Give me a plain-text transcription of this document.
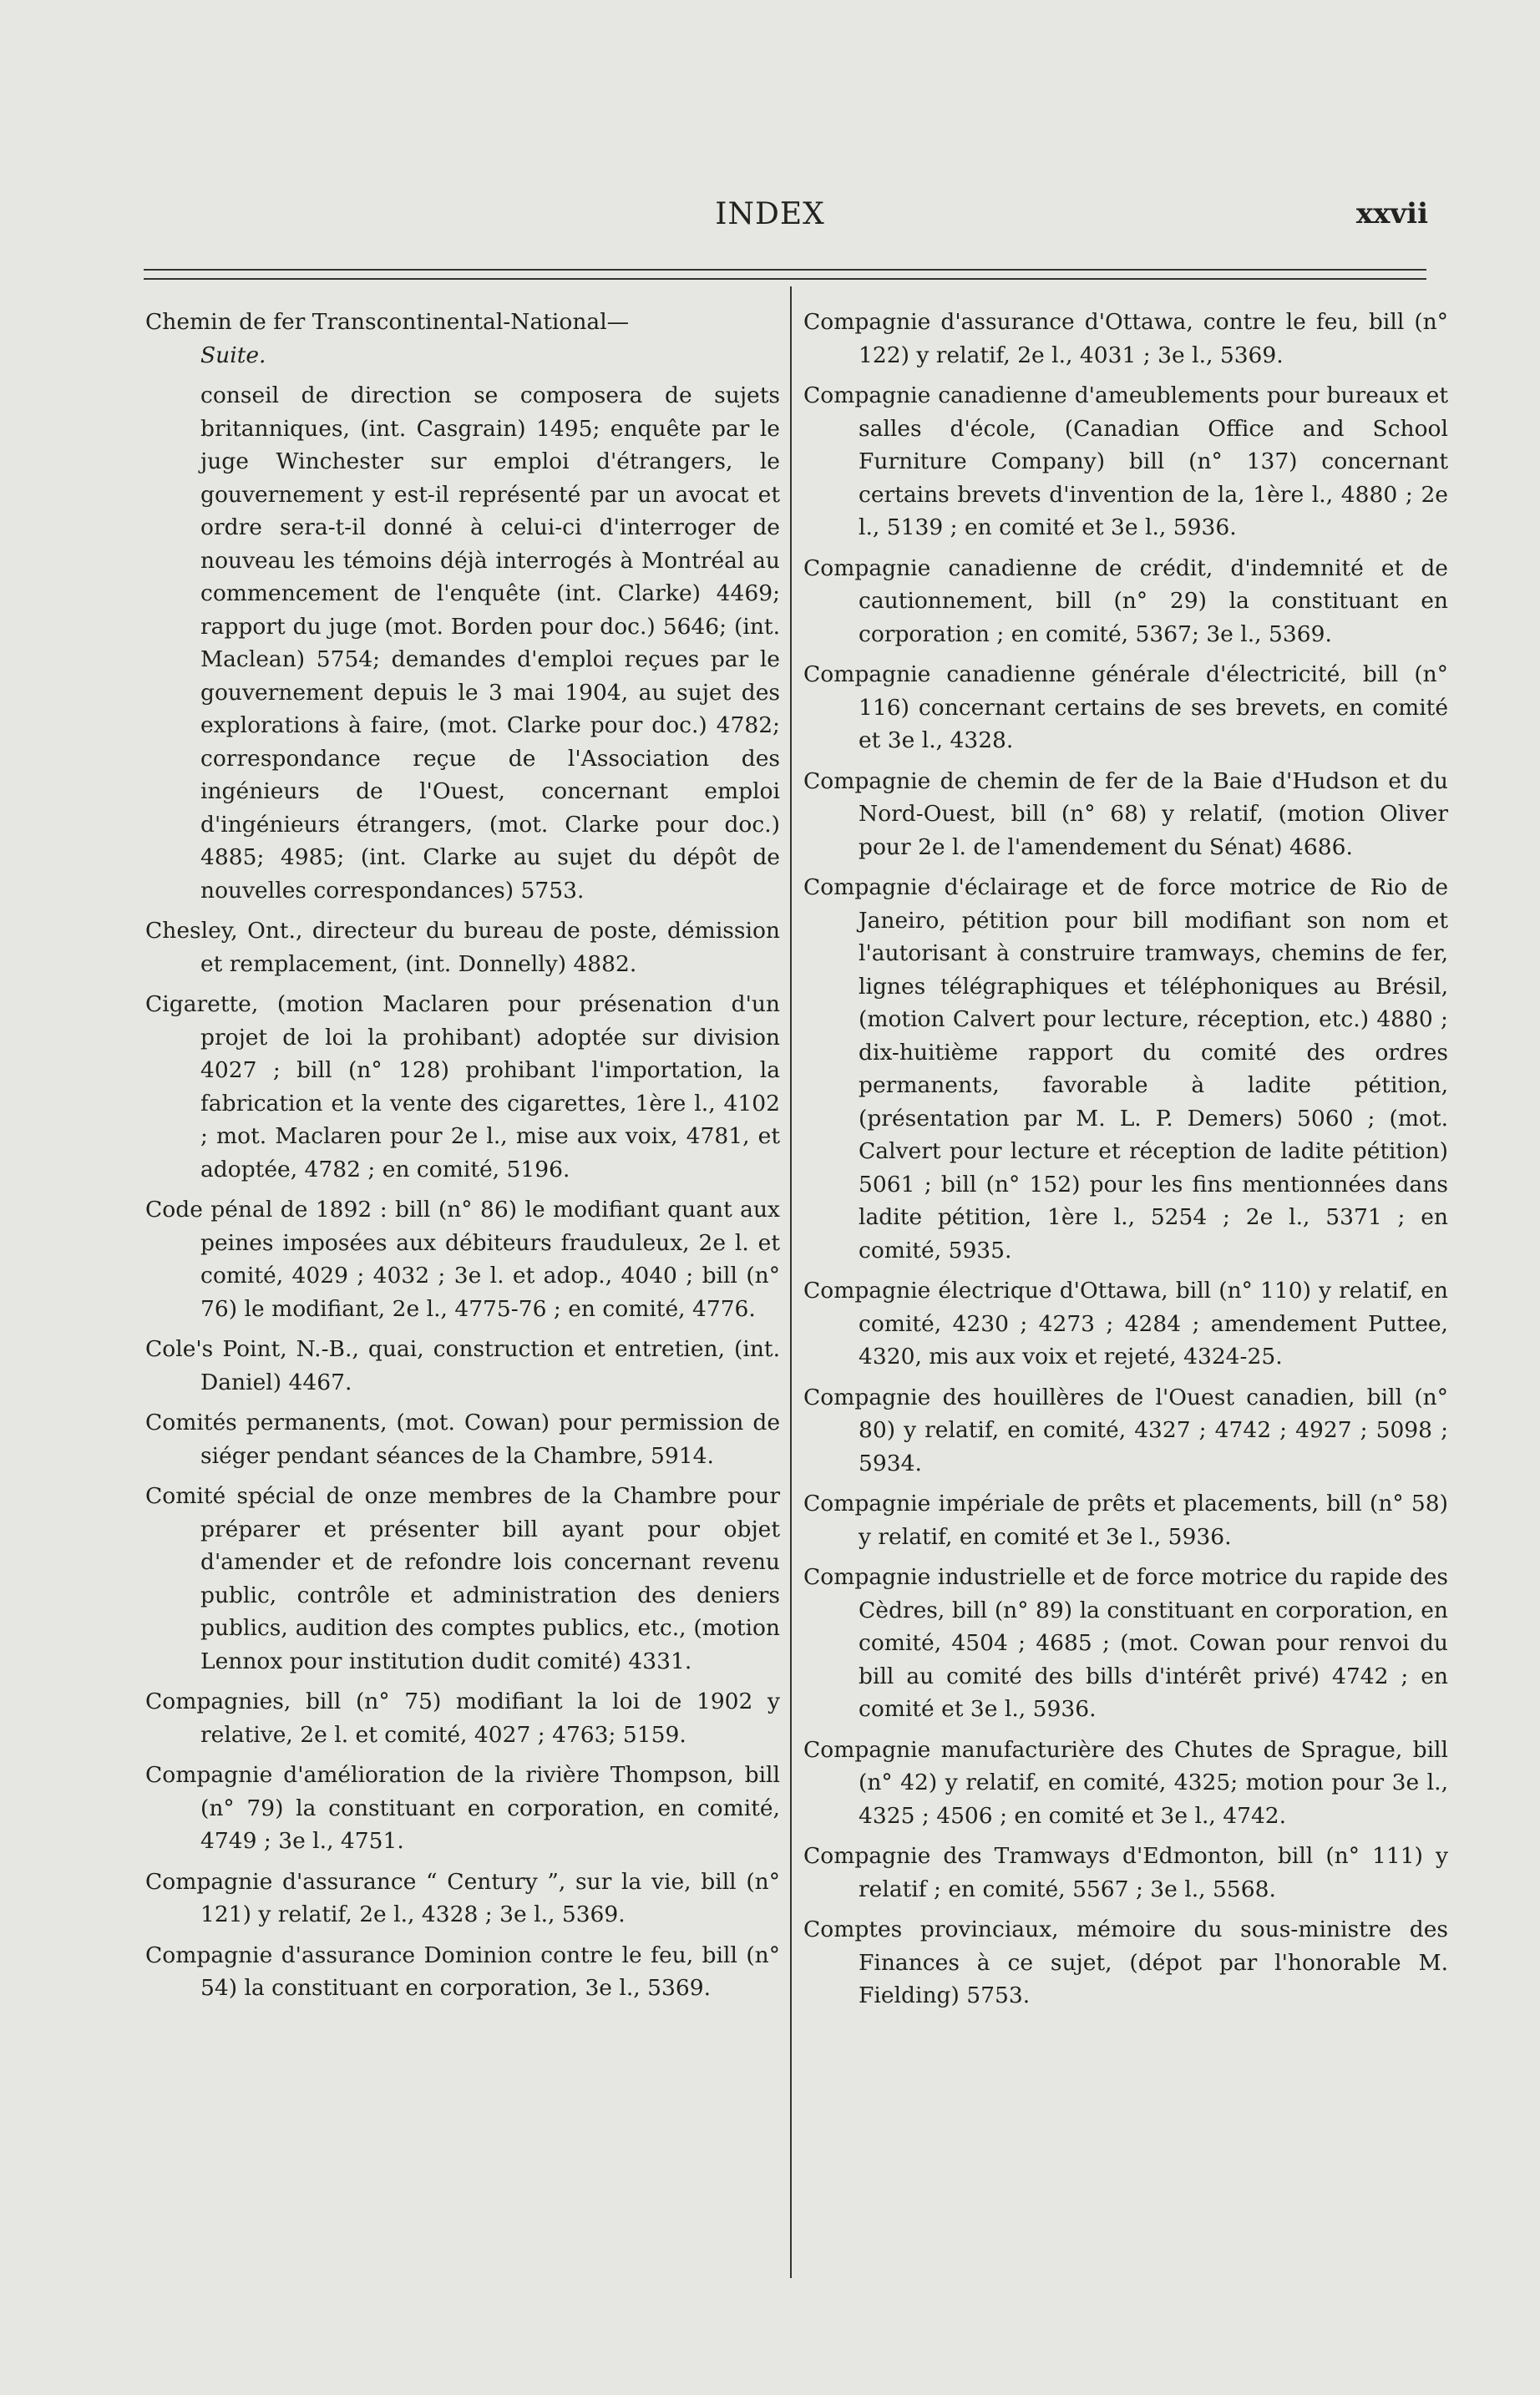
INDEX	xxvii

Chemin de fer Transcontinental-National—
Suite.

conseil de direction se composera de sujets britanniques, (int. Casgrain) 1495; enquête par le juge Winchester sur emploi d'étrangers, le gouvernement y est-il représenté par un avocat et ordre sera-t-il donné à celui-ci d'interroger de nouveau les témoins déjà interrogés à Montréal au commencement de l'enquête (int. Clarke) 4469; rapport du juge (mot. Borden pour doc.) 5646; (int. Maclean) 5754; demandes d'emploi reçues par le gouvernement depuis le 3 mai 1904, au sujet des explorations à faire, (mot. Clarke pour doc.) 4782; correspondance reçue de l'Association des ingénieurs de l'Ouest, concernant emploi d'ingénieurs étrangers, (mot. Clarke pour doc.) 4885; 4985; (int. Clarke au sujet du dépôt de nouvelles correspondances) 5753.

Chesley, Ont., directeur du bureau de poste, démission et remplacement, (int. Donnelly) 4882.

Cigarette, (motion Maclaren pour présenation d'un projet de loi la prohibant) adoptée sur division 4027 ; bill (n° 128) prohibant l'importation, la fabrication et la vente des cigarettes, 1ère l., 4102 ; mot. Maclaren pour 2e l., mise aux voix, 4781, et adoptée, 4782 ; en comité, 5196.

Code pénal de 1892 : bill (n° 86) le modifiant quant aux peines imposées aux débiteurs frauduleux, 2e l. et comité, 4029 ; 4032 ; 3e l. et adop., 4040 ; bill (n° 76) le modifiant, 2e l., 4775-76 ; en comité, 4776.

Cole's Point, N.-B., quai, construction et entretien, (int. Daniel) 4467.

Comités permanents, (mot. Cowan) pour permission de siéger pendant séances de la Chambre, 5914.

Comité spécial de onze membres de la Chambre pour préparer et présenter bill ayant pour objet d'amender et de refondre lois concernant revenu public, contrôle et administration des deniers publics, audition des comptes publics, etc., (motion Lennox pour institution dudit comité) 4331.

Compagnies, bill (n° 75) modifiant la loi de 1902 y relative, 2e l. et comité, 4027 ; 4763; 5159.

Compagnie d'amélioration de la rivière Thompson, bill (n° 79) la constituant en corporation, en comité, 4749 ; 3e l., 4751.

Compagnie d'assurance “ Century ”, sur la vie, bill (n° 121) y relatif, 2e l., 4328 ; 3e l., 5369.

Compagnie d'assurance Dominion contre le feu, bill (n° 54) la constituant en corporation, 3e l., 5369.

Compagnie d'assurance d'Ottawa, contre le feu, bill (n° 122) y relatif, 2e l., 4031 ; 3e l., 5369.

Compagnie canadienne d'ameublements pour bureaux et salles d'école, (Canadian Office and School Furniture Company) bill (n° 137) concernant certains brevets d'invention de la, 1ère l., 4880 ; 2e l., 5139 ; en comité et 3e l., 5936.

Compagnie canadienne de crédit, d'indemnité et de cautionnement, bill (n° 29) la constituant en corporation ; en comité, 5367; 3e l., 5369.

Compagnie canadienne générale d'électricité, bill (n° 116) concernant certains de ses brevets, en comité et 3e l., 4328.

Compagnie de chemin de fer de la Baie d'Hudson et du Nord-Ouest, bill (n° 68) y relatif, (motion Oliver pour 2e l. de l'amendement du Sénat) 4686.

Compagnie d'éclairage et de force motrice de Rio de Janeiro, pétition pour bill modifiant son nom et l'autorisant à construire tramways, chemins de fer, lignes télégraphiques et téléphoniques au Brésil, (motion Calvert pour lecture, réception, etc.) 4880 ; dix-huitième rapport du comité des ordres permanents, favorable à ladite pétition, (présentation par M. L. P. Demers) 5060 ; (mot. Calvert pour lecture et réception de ladite pétition) 5061 ; bill (n° 152) pour les fins mentionnées dans ladite pétition, 1ère l., 5254 ; 2e l., 5371 ; en comité, 5935.

Compagnie électrique d'Ottawa, bill (n° 110) y relatif, en comité, 4230 ; 4273 ; 4284 ; amendement Puttee, 4320, mis aux voix et rejeté, 4324-25.

Compagnie des houillères de l'Ouest canadien, bill (n° 80) y relatif, en comité, 4327 ; 4742 ; 4927 ; 5098 ; 5934.

Compagnie impériale de prêts et placements, bill (n° 58) y relatif, en comité et 3e l., 5936.

Compagnie industrielle et de force motrice du rapide des Cèdres, bill (n° 89) la constituant en corporation, en comité, 4504 ; 4685 ; (mot. Cowan pour renvoi du bill au comité des bills d'intérêt privé) 4742 ; en comité et 3e l., 5936.

Compagnie manufacturière des Chutes de Sprague, bill (n° 42) y relatif, en comité, 4325; motion pour 3e l., 4325 ; 4506 ; en comité et 3e l., 4742.

Compagnie des Tramways d'Edmonton, bill (n° 111) y relatif ; en comité, 5567 ; 3e l., 5568.

Comptes provinciaux, mémoire du sous-ministre des Finances à ce sujet, (dépot par l'honorable M. Fielding) 5753.
